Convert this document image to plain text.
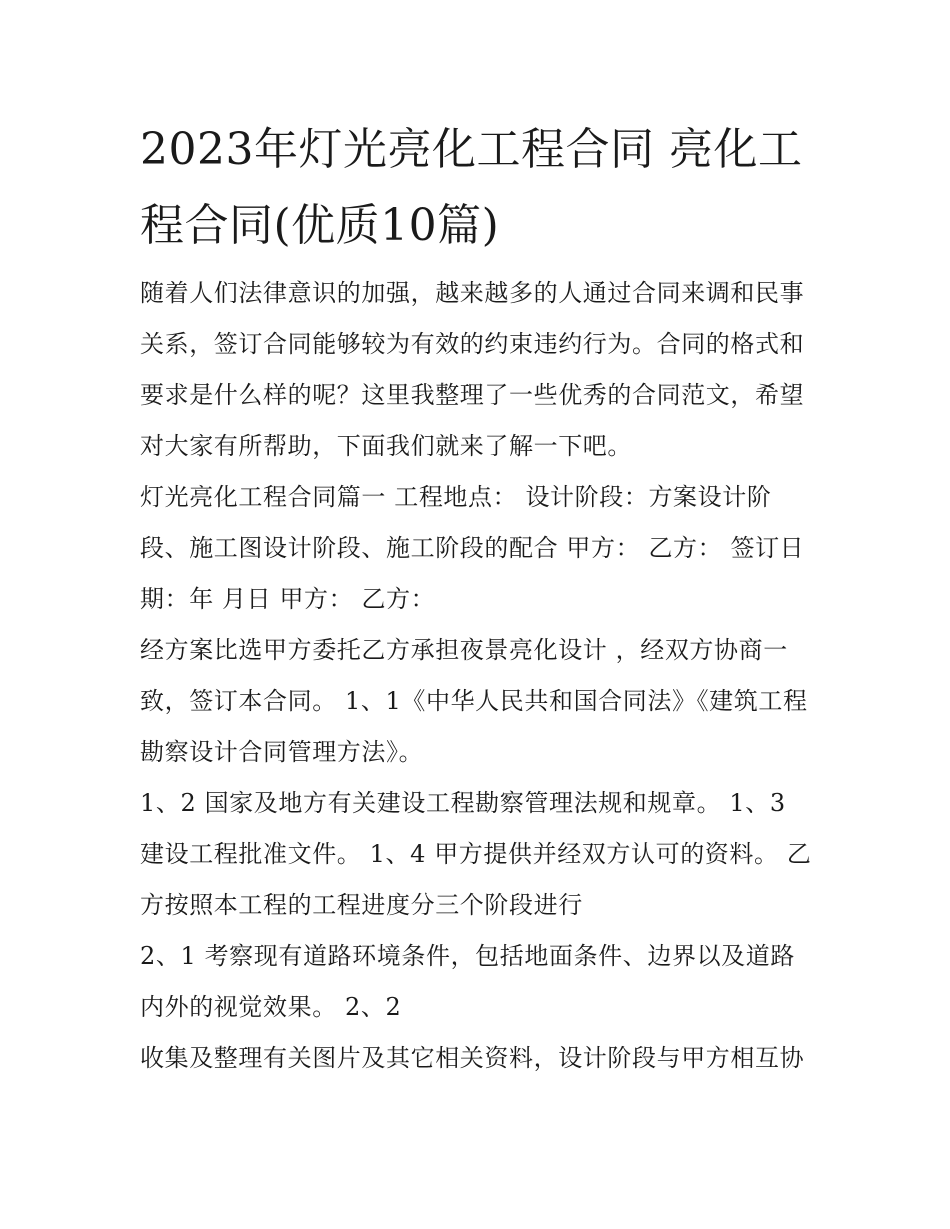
2023年灯光亮化工程合同 亮化工程合同(优质10篇)

随着人们法律意识的加强，越来越多的人通过合同来调和民事关系，签订合同能够较为有效的约束违约行为。合同的格式和要求是什么样的呢？这里我整理了一些优秀的合同范文，希望对大家有所帮助，下面我们就来了解一下吧。

灯光亮化工程合同篇一 工程地点： 设计阶段：方案设计阶段、施工图设计阶段、施工阶段的配合 甲方： 乙方： 签订日期：年 月日 甲方： 乙方：

经方案比选甲方委托乙方承担夜景亮化设计 ，经双方协商一致，签订本合同。 1、1《中华人民共和国合同法》《建筑工程勘察设计合同管理方法》。

1、2 国家及地方有关建设工程勘察管理法规和规章。 1、3 建设工程批准文件。 1、4 甲方提供并经双方认可的资料。 乙方按照本工程的工程进度分三个阶段进行

2、1 考察现有道路环境条件，包括地面条件、边界以及道路内外的视觉效果。 2、2

收集及整理有关图片及其它相关资料，设计阶段与甲方相互协
